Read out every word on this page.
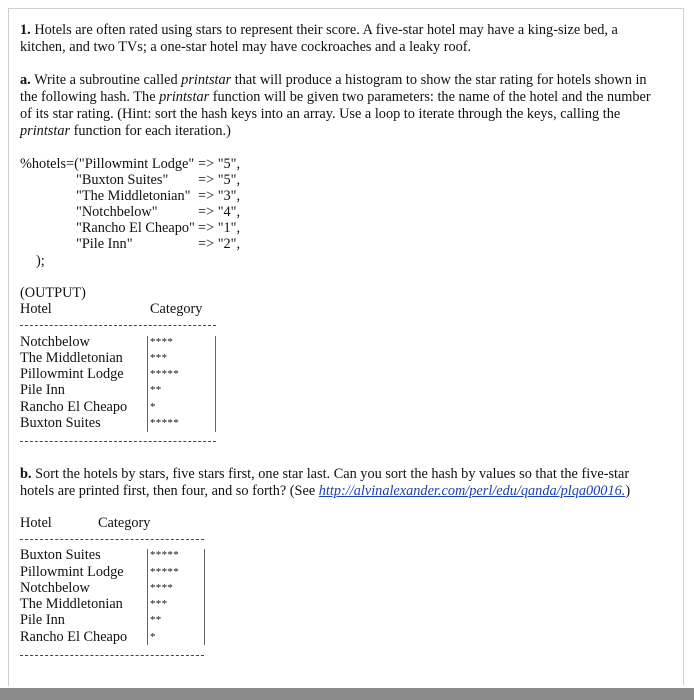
1. Hotels are often rated using stars to represent their score. A five-star hotel may have a king-size bed, a kitchen, and two TVs; a one-star hotel may have cockroaches and a leaky roof.
a. Write a subroutine called printstar that will produce a histogram to show the star rating for hotels shown in the following hash. The printstar function will be given two parameters: the name of the hotel and the number of its star rating. (Hint: sort the hash keys into an array. Use a loop to iterate through the keys, calling the printstar function for each iteration.)
%hotels=("Pillowmint Lodge" => "5",
"Buxton Suites" => "5",
"The Middletonian" => "3",
"Notchbelow"	=> "4",
"Rancho El Cheapo" => "1",
"Pile Inn"	=> "2",
);
(OUTPUT)
Hotel	Category
Notchbelow	****
The Middletonian ***
Pillowmint Lodge *****
Pile Inn	**
Rancho El Cheapo *
Buxton Suites	*****
b. Sort the hotels by stars, five stars first, one star last. Can you sort the hash by values so that the five-star hotels are printed first, then four, and so forth? (See http://alvinalexander.com/perl/edu/qanda/plqa00016.)
Hotel	Category
Buxton Suites	*****
Pillowmint Lodge *****
Notchbelow	****
The Middletonian ***
Pile Inn	**
Rancho El Cheapo *
